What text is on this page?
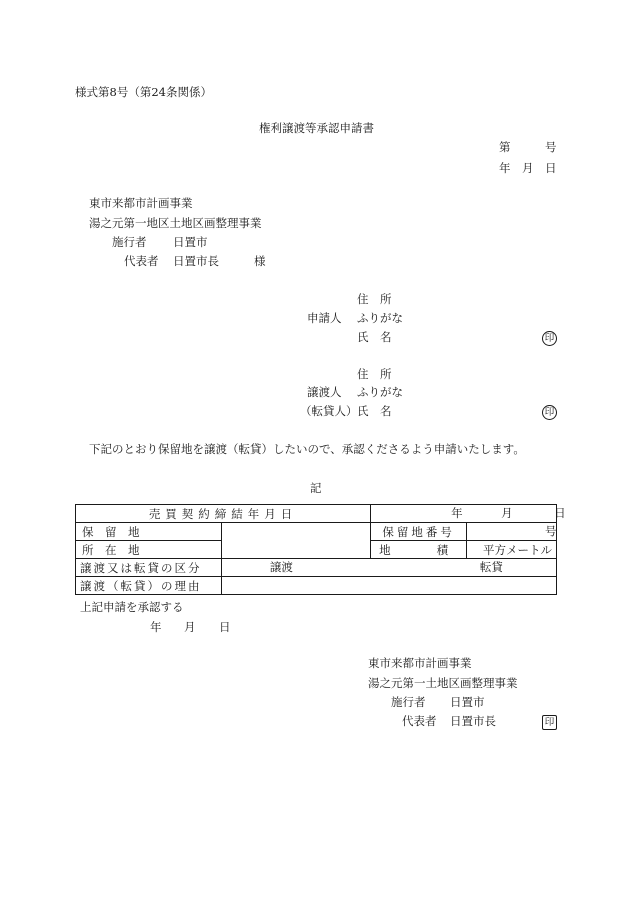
様式第8号（第24条関係）
権利譲渡等承認申請書
第	号
年 月 日
東市来都市計画事業
湯之元第一地区土地区画整理事業
施行者 日置市
代表者 日置市長	様
住　所
申請人 ふりがな
氏　名	印
住　所
譲渡人 ふりがな
（転貸人） 氏　名	印
下記のとおり保留地を譲渡（転貸）したいので、承認くださるよう申請いたします。
記
売買契約締結年月日		年 月 日	

保　留　地		保留地番号	号

所　在　地		地　　　　積	平方メートル
譲渡又は転貸の区分	譲渡 転貸		

譲渡（転貸）の理由			
上記申請を承認する
年 月 日
東市来都市計画事業
湯之元第一土地区画整理事業
施行者 日置市
代表者 日置市長	印
